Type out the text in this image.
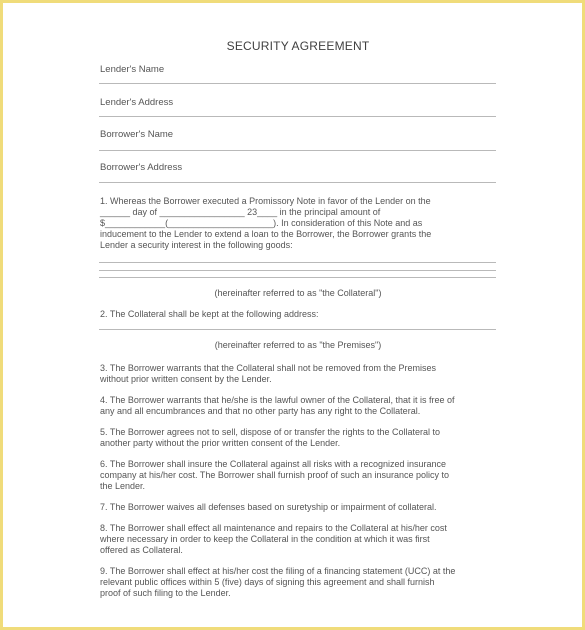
SECURITY AGREEMENT
Lender's Name
Lender's Address
Borrower's Name
Borrower's Address
1. Whereas the Borrower executed a Promissory Note in favor of the Lender on the
______ day of _________________ 23____ in the principal amount of
$____________(_____________________). In consideration of this Note and as
inducement to the Lender to extend a loan to the Borrower, the Borrower grants the
Lender a security interest in the following goods:
(hereinafter referred to as "the Collateral")
2. The Collateral shall be kept at the following address:
(hereinafter referred to as "the Premises")
3. The Borrower warrants that the Collateral shall not be removed from the Premises
without prior written consent by the Lender.
4. The Borrower warrants that he/she is the lawful owner of the Collateral, that it is free of
any and all encumbrances and that no other party has any right to the Collateral.
5. The Borrower agrees not to sell, dispose of or transfer the rights to the Collateral to
another party without the prior written consent of the Lender.
6. The Borrower shall insure the Collateral against all risks with a recognized insurance
company at his/her cost. The Borrower shall furnish proof of such an insurance policy to
the Lender.
7. The Borrower waives all defenses based on suretyship or impairment of collateral.
8. The Borrower shall effect all maintenance and repairs to the Collateral at his/her cost
where necessary in order to keep the Collateral in the condition at which it was first
offered as Collateral.
9. The Borrower shall effect at his/her cost the filing of a financing statement (UCC) at the
relevant public offices within 5 (five) days of signing this agreement and shall furnish
proof of such filing to the Lender.
